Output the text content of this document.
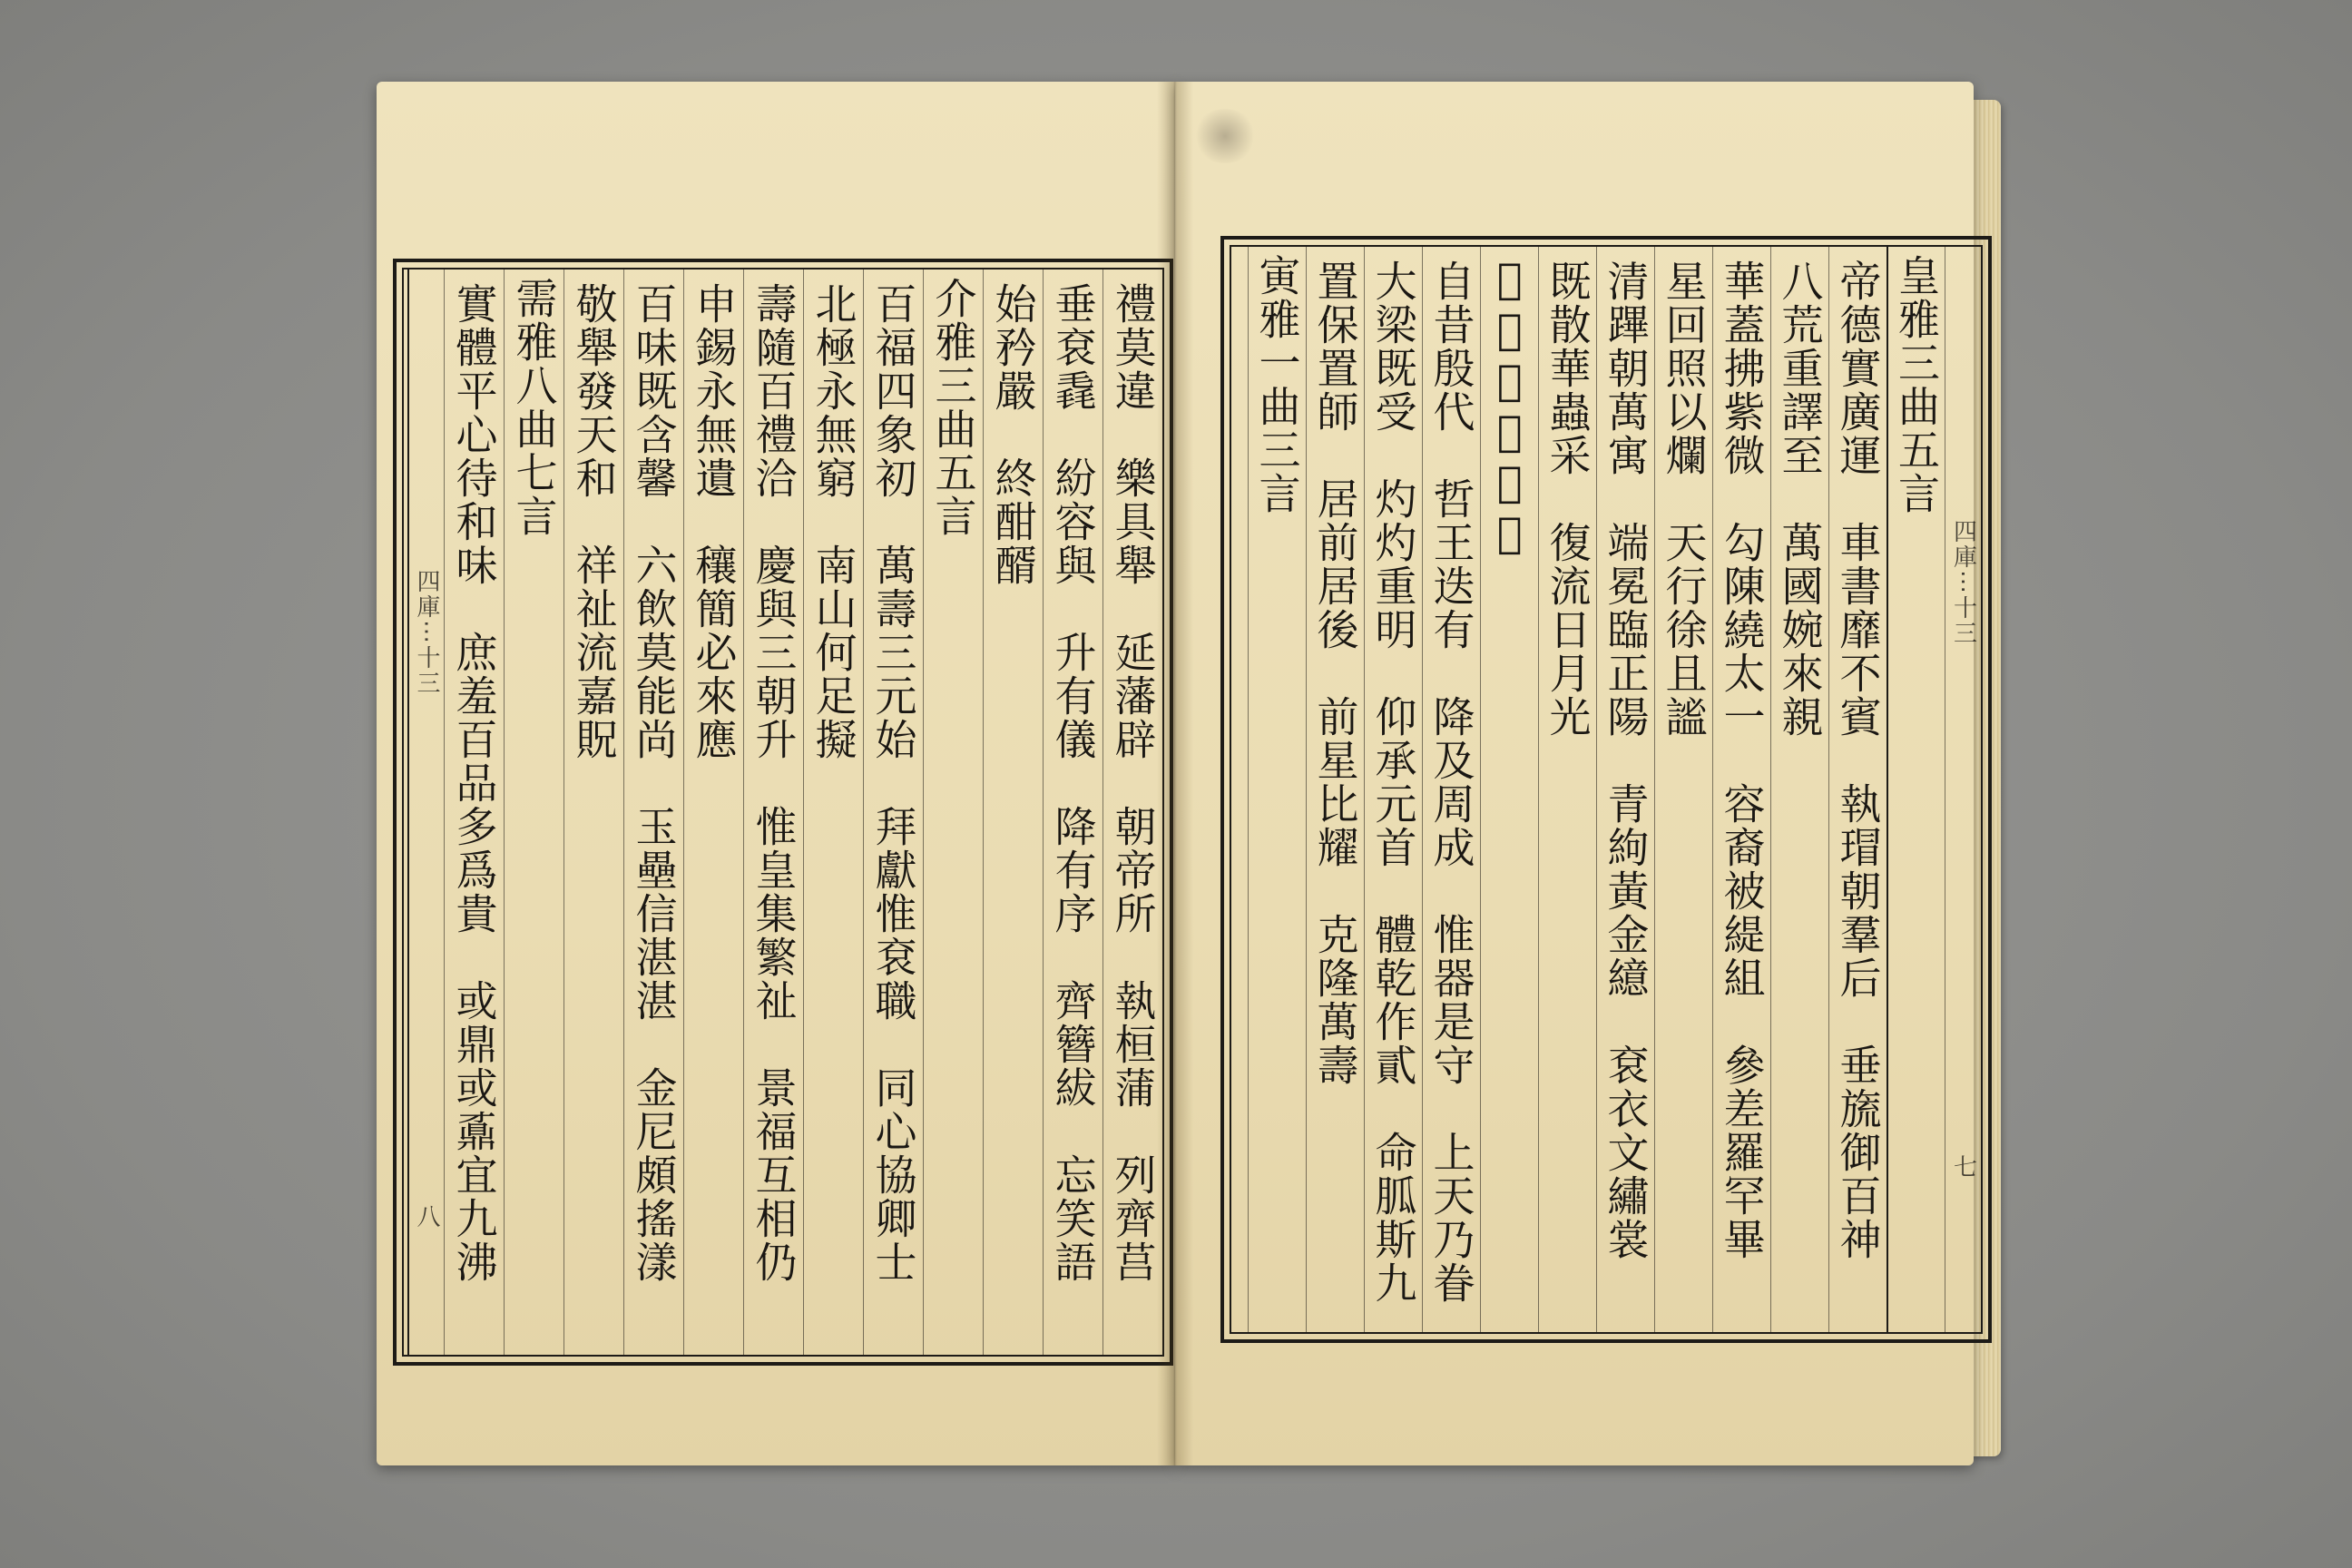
禮莫違　樂具舉　延藩辟　朝帝所　執桓蒲　列齊莒
垂袞毳　紛容與　升有儀　降有序　齊簪紱　忘笑語
始矜嚴　終酣醑
介雅三曲五言
百福四象初　萬壽三元始　拜獻惟袞職　同心協卿士
北極永無窮　南山何足擬
壽隨百禮洽　慶與三朝升　惟皇集繁祉　景福互相仍
申錫永無遺　穰簡必來應
百味既含馨　六飲莫能尚　玉壘信湛湛　金尼頗搖漾
敬舉發天和　祥祉流嘉貺
需雅八曲七言
實體平心待和味　庶羞百品多爲貴　或鼎或鼒宜九沸
四庫⋯十三
八
四庫⋯十三
七
皇雅三曲五言
帝德實廣運　車書靡不賓　執瑁朝羣后　垂旒御百神
八荒重譯至　萬國婉來親
華蓋拂紫微　勾陳繞太一　容裔被緹組　參差羅罕畢
星回照以爛　天行徐且謐
清蹕朝萬寓　端冕臨正陽　青絇黃金繶　袞衣文繡裳
既散華蟲采　復流日月光
𦖑雅一曲四言
自昔殷代　哲王迭有　降及周成　惟器是守　上天乃眷
大梁既受　灼灼重明　仰承元首　體乾作貳　命胍斯九
置保置師　居前居後　前星比耀　克隆萬壽
寅雅一曲三言
